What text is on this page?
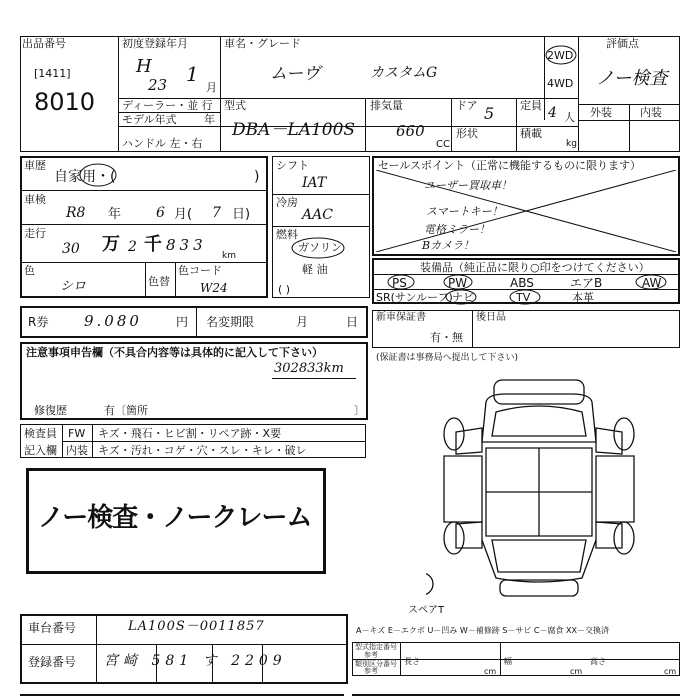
出品番号
[1411]
8010
初度登録年月
H
23 1
月
車名・グレード
ムーヴ	カスタムG
2WD
4WD
評価点
ノー検査
外装	内装
ディーラー・並 行
モデル年式	年
ハンドル 左・右
型式
DBA－LA100S
排気量
660
CC
ドア 5 定員 4 人
形状	積載
kg
車歴
自家用・(	)
車検
R8 年 6 月( 7 日)
走行
30 万 2 千 833
km
色
シロ	色替
色コード
W24
シフト
IAT
冷房
AAC
燃料
ガソリン
軽 油
( )
セールスポイント（正常に機能するものに限ります）
ユーザー買取車！
スマートキー！
電格ミラー！
Bカメラ！
装備品（純正品に限り○印をつけてください）
PS	PW	ABS	エアB	AW
SR(サンルーフ) ナビ	TV	本革
R券 9.080	円 名変期限	月	日 新車保証書
有・無
後日品
注意事項申告欄（不具合内容等は具体的に記入して下さい）
302833km
修復歴	有〔箇所	〕
検査員
記入欄
FW キズ・飛石・ヒビ割・リペア跡・X要
内装 キズ・汚れ・コゲ・穴・スレ・キレ・破レ
ノー検査・ノークレーム
(保証書は事務局へ提出して下さい)
スペアT
車台番号	LA100S－0011857
登録番号 宮崎 581 す 2209
A－キズ E－エクボ U－凹み W－補修跡 S－サビ C－腐食 XX－交換済
型式指定番号
参考
類別区分番号
参考
長さ
cm
幅
cm
高さ
cm
